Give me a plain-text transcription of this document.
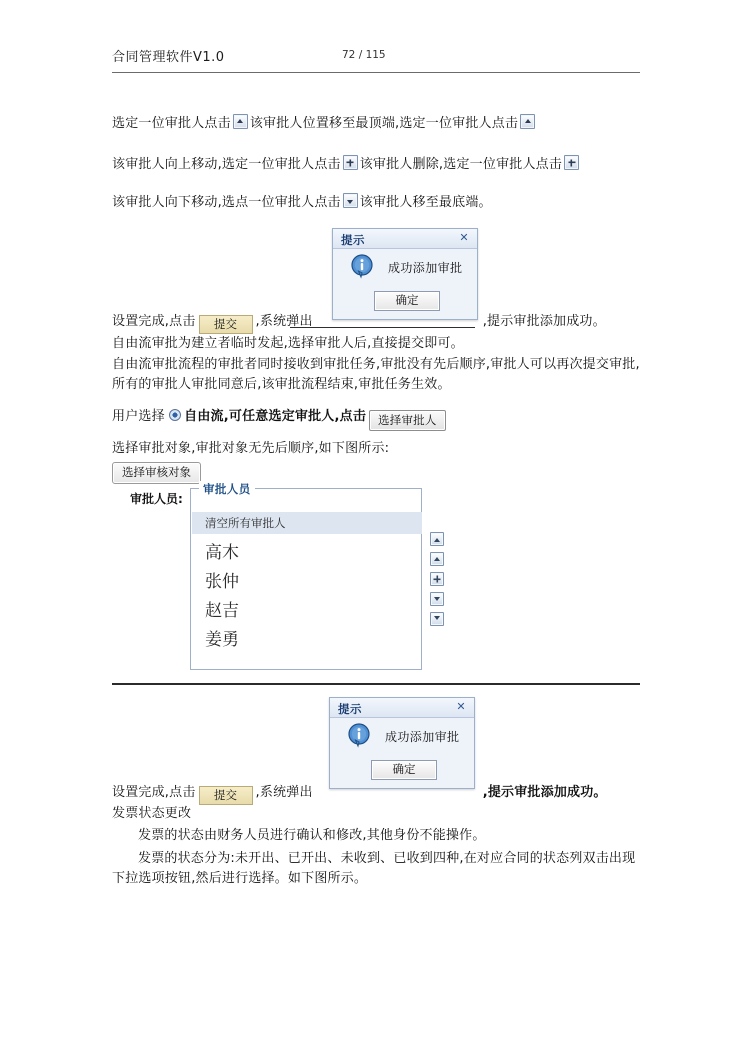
合同管理软件V1.0	72 / 115
选定一位审批人点击 该审批人位置移至最顶端,选定一位审批人点击
该审批人向上移动,选定一位审批人点击 该审批人删除,选定一位审批人点击
该审批人向下移动,选点一位审批人点击 该审批人移至最底端。
提示	✕
成功添加审批
确定
设置完成,点击 提交 ,系统弹出	,提示审批添加成功。
自由流审批为建立者临时发起,选择审批人后,直接提交即可。
自由流审批流程的审批者同时接收到审批任务,审批没有先后顺序,审批人可以再次提交审批,所有的审批人审批同意后,该审批流程结束,审批任务生效。
用户选择 自由流,可任意选定审批人,点击 选择审批人
选择审批对象,审批对象无先后顺序,如下图所示:
选择审核对象
审批人员:
审批人员
清空所有审批人
高木
张仲
赵吉
姜勇
提示	✕
成功添加审批
确定
设置完成,点击 提交 ,系统弹出	,提示审批添加成功。
发票状态更改
发票的状态由财务人员进行确认和修改,其他身份不能操作。
发票的状态分为:未开出、已开出、未收到、已收到四种,在对应合同的状态列双击出现下拉选项按钮,然后进行选择。如下图所示。
